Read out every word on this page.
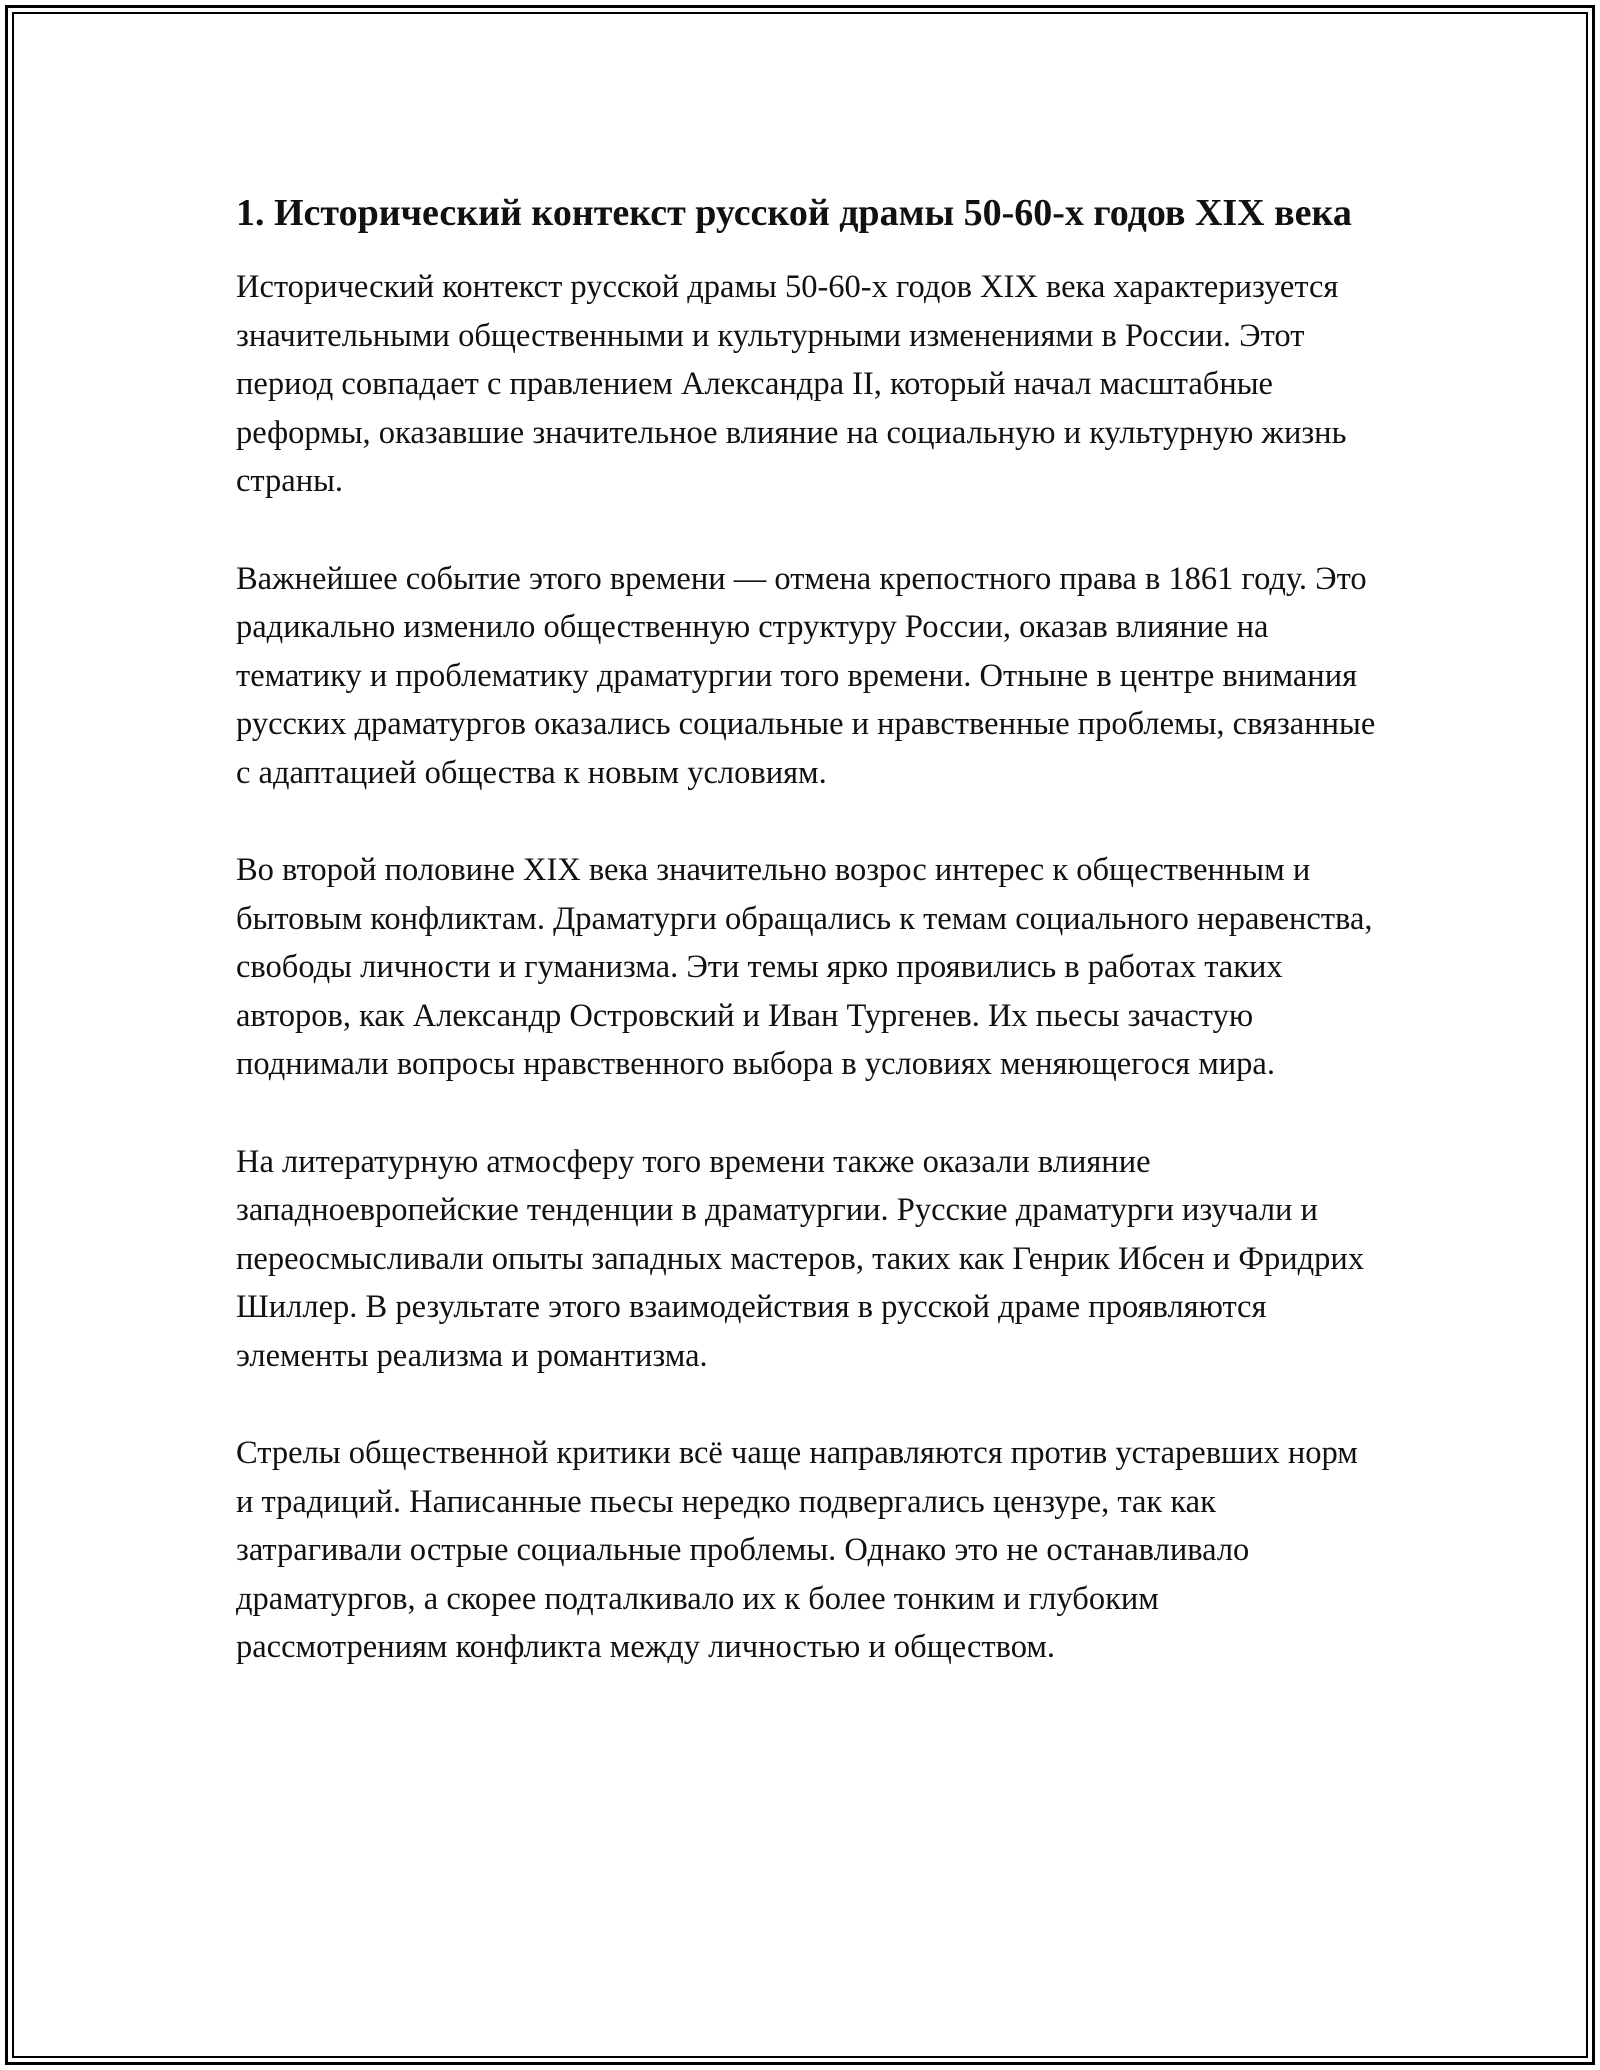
1. Исторический контекст русской драмы 50-60-х годов XIX века

Исторический контекст русской драмы 50-60-х годов XIX века характеризуется значительными общественными и культурными изменениями в России. Этот период совпадает с правлением Александра II, который начал масштабные реформы, оказавшие значительное влияние на социальную и культурную жизнь страны.

Важнейшее событие этого времени — отмена крепостного права в 1861 году. Это радикально изменило общественную структуру России, оказав влияние на тематику и проблематику драматургии того времени. Отныне в центре внимания русских драматургов оказались социальные и нравственные проблемы, связанные с адаптацией общества к новым условиям.

Во второй половине XIX века значительно возрос интерес к общественным и бытовым конфликтам. Драматурги обращались к темам социального неравенства, свободы личности и гуманизма. Эти темы ярко проявились в работах таких авторов, как Александр Островский и Иван Тургенев. Их пьесы зачастую поднимали вопросы нравственного выбора в условиях меняющегося мира.

На литературную атмосферу того времени также оказали влияние западноевропейские тенденции в драматургии. Русские драматурги изучали и переосмысливали опыты западных мастеров, таких как Генрик Ибсен и Фридрих Шиллер. В результате этого взаимодействия в русской драме проявляются элементы реализма и романтизма.

Стрелы общественной критики всё чаще направляются против устаревших норм и традиций. Написанные пьесы нередко подвергались цензуре, так как затрагивали острые социальные проблемы. Однако это не останавливало драматургов, а скорее подталкивало их к более тонким и глубоким рассмотрениям конфликта между личностью и обществом.
